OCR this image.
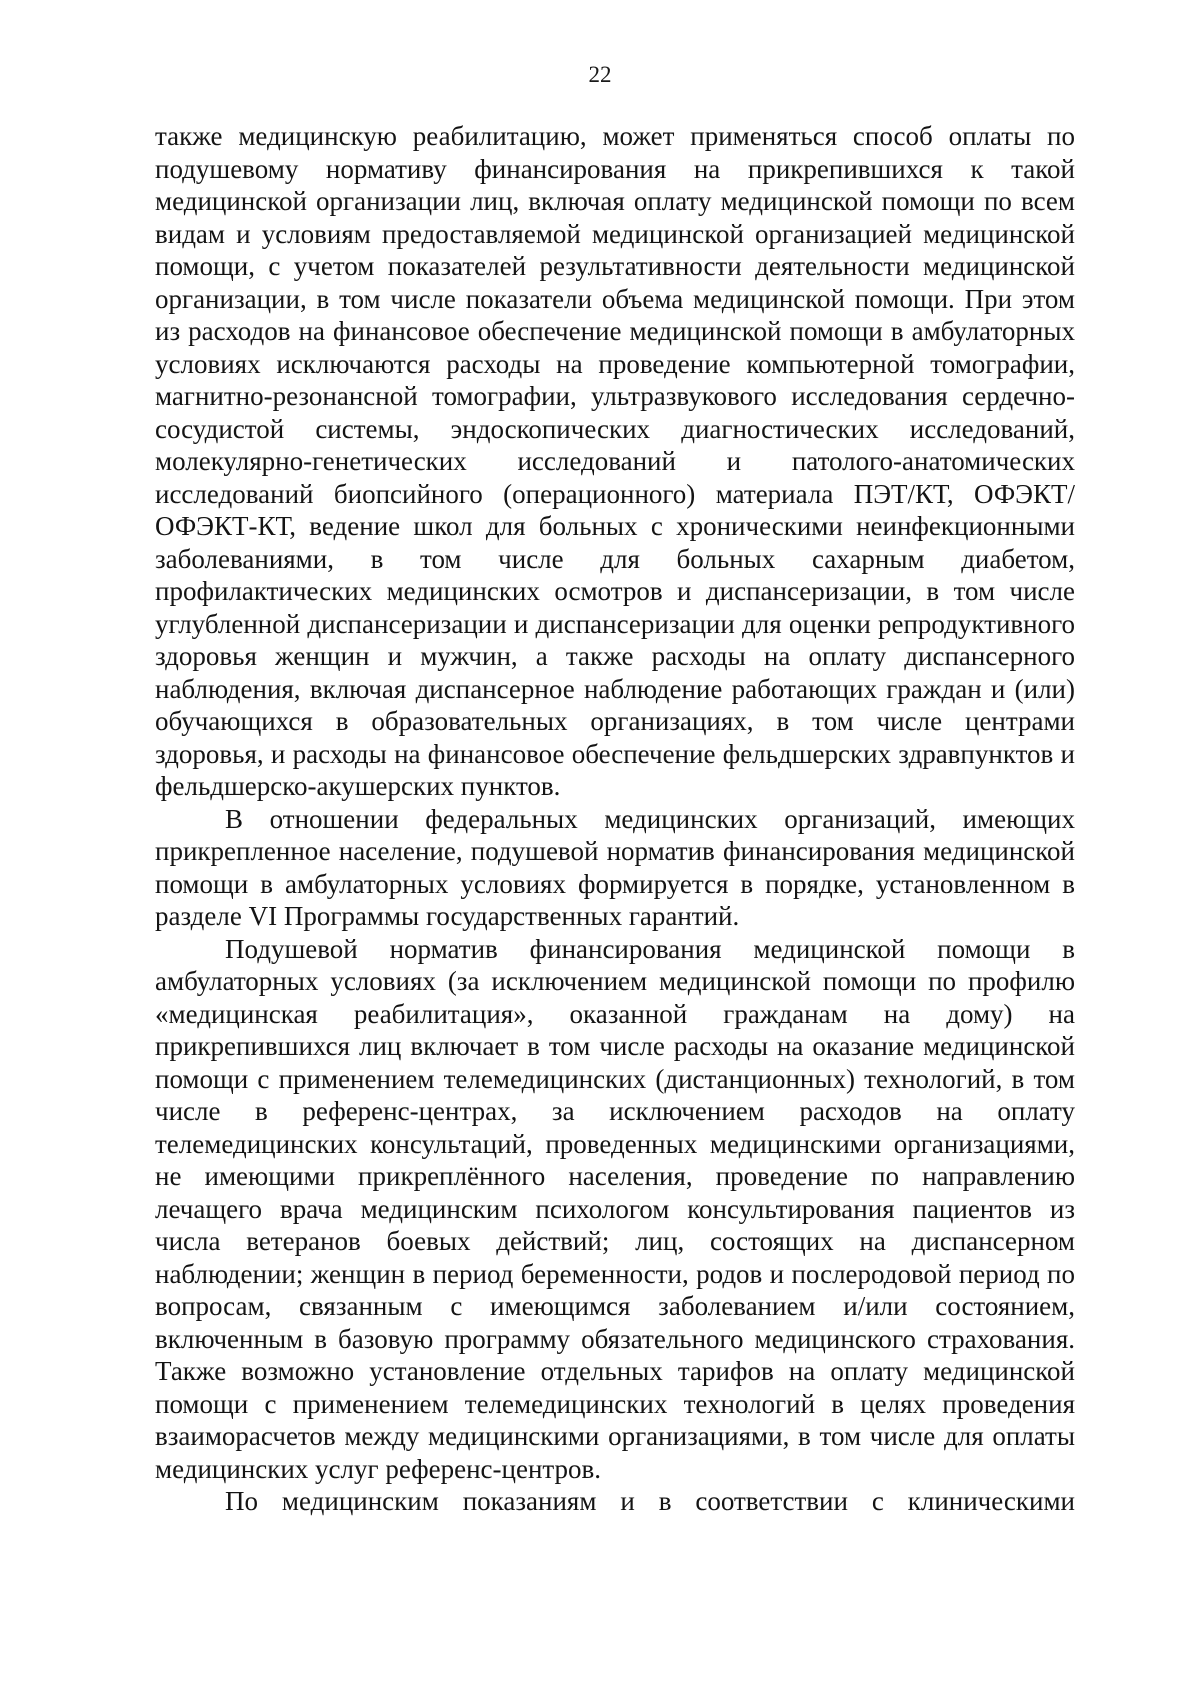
22

также медицинскую реабилитацию, может применяться способ оплаты по подушевому нормативу финансирования на прикрепившихся к такой медицинской организации лиц, включая оплату медицинской помощи по всем видам и условиям предоставляемой медицинской организацией медицинской помощи, с учетом показателей результативности деятельности медицинской организации, в том числе показатели объема медицинской помощи. При этом из расходов на финансовое обеспечение медицинской помощи в амбулаторных условиях исключаются расходы на проведение компьютерной томографии, магнитно-резонансной томографии, ультразвукового исследования сердечно-сосудистой системы, эндоскопических диагностических исследований, молекулярно-генетических исследований и патолого-анатомических исследований биопсийного (операционного) материала ПЭТ/КТ, ОФЭКТ/ОФЭКТ-КТ, ведение школ для больных с хроническими неинфекционными заболеваниями, в том числе для больных сахарным диабетом, профилактических медицинских осмотров и диспансеризации, в том числе углубленной диспансеризации и диспансеризации для оценки репродуктивного здоровья женщин и мужчин, а также расходы на оплату диспансерного наблюдения, включая диспансерное наблюдение работающих граждан и (или) обучающихся в образовательных организациях, в том числе центрами здоровья, и расходы на финансовое обеспечение фельдшерских здравпунктов и фельдшерско-акушерских пунктов.

В отношении федеральных медицинских организаций, имеющих прикрепленное население, подушевой норматив финансирования медицинской помощи в амбулаторных условиях формируется в порядке, установленном в разделе VI Программы государственных гарантий.

Подушевой норматив финансирования медицинской помощи в амбулаторных условиях (за исключением медицинской помощи по профилю «медицинская реабилитация», оказанной гражданам на дому) на прикрепившихся лиц включает в том числе расходы на оказание медицинской помощи с применением телемедицинских (дистанционных) технологий, в том числе в референс-центрах, за исключением расходов на оплату телемедицинских консультаций, проведенных медицинскими организациями, не имеющими прикреплённого населения, проведение по направлению лечащего врача медицинским психологом консультирования пациентов из числа ветеранов боевых действий; лиц, состоящих на диспансерном наблюдении; женщин в период беременности, родов и послеродовой период по вопросам, связанным с имеющимся заболеванием и/или состоянием, включенным в базовую программу обязательного медицинского страхования. Также возможно установление отдельных тарифов на оплату медицинской помощи с применением телемедицинских технологий в целях проведения взаиморасчетов между медицинскими организациями, в том числе для оплаты медицинских услуг референс-центров.

По медицинским показаниям и в соответствии с клиническими
